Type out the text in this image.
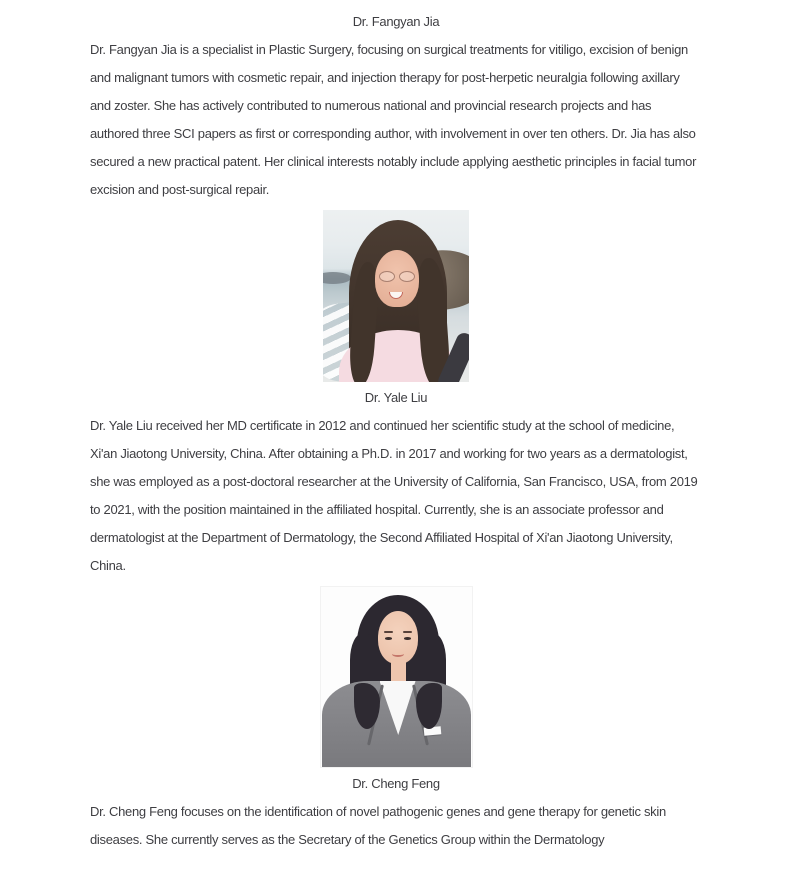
Dr. Fangyan Jia

Dr. Fangyan Jia is a specialist in Plastic Surgery, focusing on surgical treatments for vitiligo, excision of benign and malignant tumors with cosmetic repair, and injection therapy for post-herpetic neuralgia following axillary and zoster. She has actively contributed to numerous national and provincial research projects and has authored three SCI papers as first or corresponding author, with involvement in over ten others. Dr. Jia has also secured a new practical patent. Her clinical interests notably include applying aesthetic principles in facial tumor excision and post-surgical repair.

Dr. Yale Liu

Dr. Yale Liu received her MD certificate in 2012 and continued her scientific study at the school of medicine, Xi'an Jiaotong University, China. After obtaining a Ph.D. in 2017 and working for two years as a dermatologist, she was employed as a post-doctoral researcher at the University of California, San Francisco, USA, from 2019 to 2021, with the position maintained in the affiliated hospital. Currently, she is an associate professor and dermatologist at the Department of Dermatology, the Second Affiliated Hospital of Xi'an Jiaotong University, China.

Dr. Cheng Feng

Dr. Cheng Feng focuses on the identification of novel pathogenic genes and gene therapy for genetic skin diseases. She currently serves as the Secretary of the Genetics Group within the Dermatology
